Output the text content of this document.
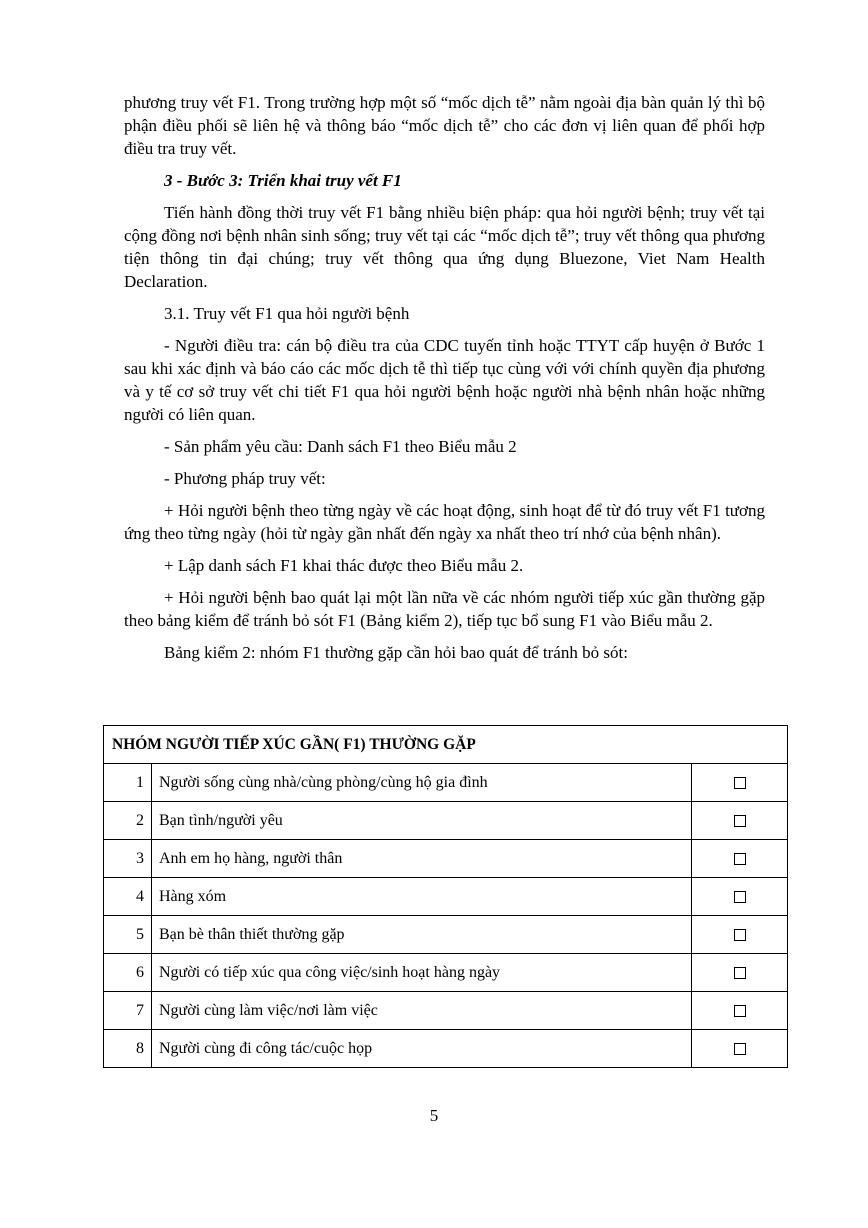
phương truy vết F1. Trong trường hợp một số “mốc dịch tễ” nằm ngoài địa bàn quản lý thì bộ phận điều phối sẽ liên hệ và thông báo “mốc dịch tễ” cho các đơn vị liên quan để phối hợp điều tra truy vết.

3 - Bước 3: Triển khai truy vết F1

Tiến hành đồng thời truy vết F1 bằng nhiều biện pháp: qua hỏi người bệnh; truy vết tại cộng đồng nơi bệnh nhân sinh sống; truy vết tại các “mốc dịch tễ”; truy vết thông qua phương tiện thông tin đại chúng; truy vết thông qua ứng dụng Bluezone, Viet Nam Health Declaration.

3.1. Truy vết F1 qua hỏi người bệnh

- Người điều tra: cán bộ điều tra của CDC tuyến tỉnh hoặc TTYT cấp huyện ở Bước 1 sau khi xác định và báo cáo các mốc dịch tễ thì tiếp tục cùng với với chính quyền địa phương và y tế cơ sở truy vết chi tiết F1 qua hỏi người bệnh hoặc người nhà bệnh nhân hoặc những người có liên quan.

- Sản phẩm yêu cầu: Danh sách F1 theo Biểu mẫu 2

- Phương pháp truy vết:

+ Hỏi người bệnh theo từng ngày về các hoạt động, sinh hoạt để từ đó truy vết F1 tương ứng theo từng ngày (hỏi từ ngày gần nhất đến ngày xa nhất theo trí nhớ của bệnh nhân).

+ Lập danh sách F1 khai thác được theo Biểu mẫu 2.

+ Hỏi người bệnh bao quát lại một lần nữa về các nhóm người tiếp xúc gần thường gặp theo bảng kiểm để tránh bỏ sót F1 (Bảng kiểm 2), tiếp tục bổ sung F1 vào Biểu mẫu 2.

Bảng kiểm 2: nhóm F1 thường gặp cần hỏi bao quát để tránh bỏ sót:

NHÓM NGƯỜI TIẾP XÚC GẦN( F1) THƯỜNG GẶP		
1	Người sống cùng nhà/cùng phòng/cùng hộ gia đình	
2	Bạn tình/người yêu	
3	Anh em họ hàng, người thân	
4	Hàng xóm	
5	Bạn bè thân thiết thường gặp	
6	Người có tiếp xúc qua công việc/sinh hoạt hàng ngày	
7	Người cùng làm việc/nơi làm việc	
8	Người cùng đi công tác/cuộc họp	
5
